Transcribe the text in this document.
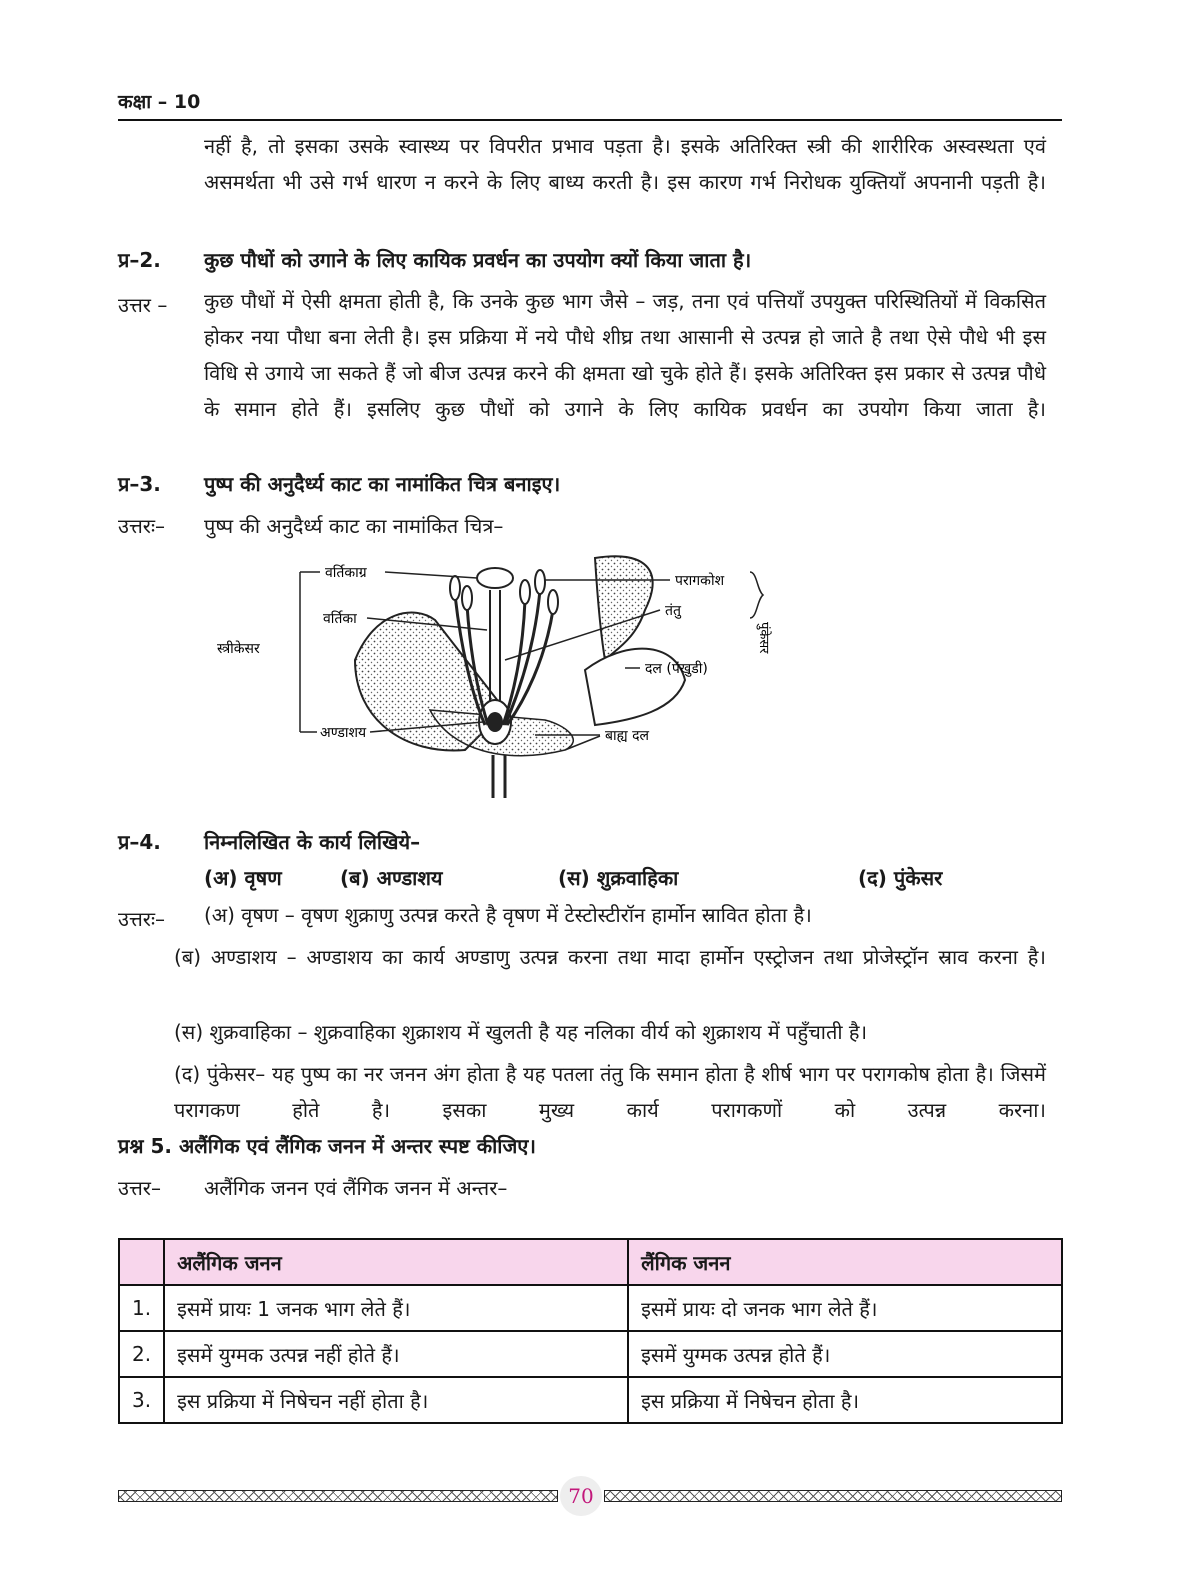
कक्षा – 10
नहीं है, तो इसका उसके स्वास्थ्य पर विपरीत प्रभाव पड़ता है। इसके अतिरिक्त स्त्री की शारीरिक अस्वस्थता एवं असमर्थता भी उसे गर्भ धारण न करने के लिए बाध्य करती है। इस कारण गर्भ निरोधक युक्तियाँ अपनानी पड़ती है।
प्र–2. कुछ पौधों को उगाने के लिए कायिक प्रवर्धन का उपयोग क्यों किया जाता है।
उत्तर – कुछ पौधों में ऐसी क्षमता होती है, कि उनके कुछ भाग जैसे – जड़, तना एवं पत्तियाँ उपयुक्त परिस्थितियों में विकसित होकर नया पौधा बना लेती है। इस प्रक्रिया में नये पौधे शीघ्र तथा आसानी से उत्पन्न हो जाते है तथा ऐसे पौधे भी इस विधि से उगाये जा सकते हैं जो बीज उत्पन्न करने की क्षमता खो चुके होते हैं। इसके अतिरिक्त इस प्रकार से उत्पन्न पौधे के समान होते हैं। इसलिए कुछ पौधों को उगाने के लिए कायिक प्रवर्धन का उपयोग किया जाता है।
प्र–3. पुष्प की अनुदैर्ध्य काट का नामांकित चित्र बनाइए।
उत्तरः– पुष्प की अनुदैर्ध्य काट का नामांकित चित्र–
वर्तिकाग्र
वर्तिका
स्त्रीकेसर
अण्डाशय
परागकोश
तंतु
पुंकेसर
दल (पंखुडी)
बाह्य दल
प्र–4. निम्नलिखित के कार्य लिखिये–
(अ) वृषण	(ब) अण्डाशय	(स) शुक्रवाहिका	(द) पुंकेसर
उत्तरः– (अ) वृषण – वृषण शुक्राणु उत्पन्न करते है वृषण में टेस्टोस्टीरॉन हार्मोन स्रावित होता है।
(ब) अण्डाशय – अण्डाशय का कार्य अण्डाणु उत्पन्न करना तथा मादा हार्मोन एस्ट्रोजन तथा प्रोजेस्ट्रॉन स्राव करना है।
(स) शुक्रवाहिका – शुक्रवाहिका शुक्राशय में खुलती है यह नलिका वीर्य को शुक्राशय में पहुँचाती है।
(द) पुंकेसर– यह पुष्प का नर जनन अंग होता है यह पतला तंतु कि समान होता है शीर्ष भाग पर परागकोष होता है। जिसमें परागकण होते है। इसका मुख्य कार्य परागकणों को उत्पन्न करना।
प्रश्न 5. अलैंगिक एवं लैंगिक जनन में अन्तर स्पष्ट कीजिए।
उत्तर– अलैंगिक जनन एवं लैंगिक जनन में अन्तर–
	अलैंगिक जनन	लैंगिक जनन
1.	इसमें प्रायः 1 जनक भाग लेते हैं।	इसमें प्रायः दो जनक भाग लेते हैं।
2.	इसमें युग्मक उत्पन्न नहीं होते हैं।	इसमें युग्मक उत्पन्न होते हैं।
3.	इस प्रक्रिया में निषेचन नहीं होता है।	इस प्रक्रिया में निषेचन होता है।
70
